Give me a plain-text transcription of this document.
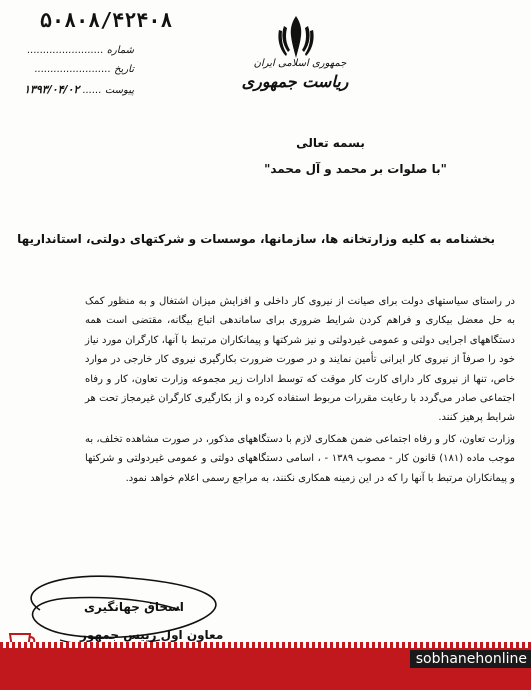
جمهوری اسلامی ایران
ریاست جمهوری
۵۰۸۰۸/۴۲۴۰۸
شماره ........................
تاریخ ........................
پیوست ...... ۱۳۹۳/۰۴/۰۲
بسمه تعالی
"با صلوات بر محمد و آل محمد"
بخشنامه به کلیه وزارتخانه ها، سازمانها، موسسات و شرکتهای دولتی، استانداریها

در راستای سیاستهای دولت برای صیانت از نیروی کار داخلی و افزایش میزان اشتغال و به منظور کمک به حل معضل بیکاری و فراهم کردن شرایط ضروری برای ساماندهی اتباع بیگانه، مقتضی است همه دستگاههای اجرایی دولتی و عمومی غیردولتی و نیز شرکتها و پیمانکاران مرتبط با آنها، کارگران مورد نیاز خود را صرفاً از نیروی کار ایرانی تأمین نمایند و در صورت ضرورت بکارگیری نیروی کار خارجی در موارد خاص، تنها از نیروی کار دارای کارت کار موقت که توسط ادارات زیر مجموعه وزارت تعاون، کار و رفاه اجتماعی صادر می‌گردد با رعایت مقررات مربوط استفاده کرده و از بکارگیری کارگران غیرمجاز تحت هر شرایط پرهیز کنند.

وزارت تعاون، کار و رفاه اجتماعی ضمن همکاری لازم با دستگاههای مذکور، در صورت مشاهده تخلف، به موجب ماده (۱۸۱) قانون کار - مصوب ۱۳۸۹ - ، اسامی دستگاههای دولتی و عمومی غیردولتی و شرکتها و پیمانکاران مرتبط با آنها را که در این زمینه همکاری نکنند، به مراجع رسمی اعلام خواهد نمود.

اسحاق جهانگیری
معاون اول رییس جمهور
sobhanehonline
